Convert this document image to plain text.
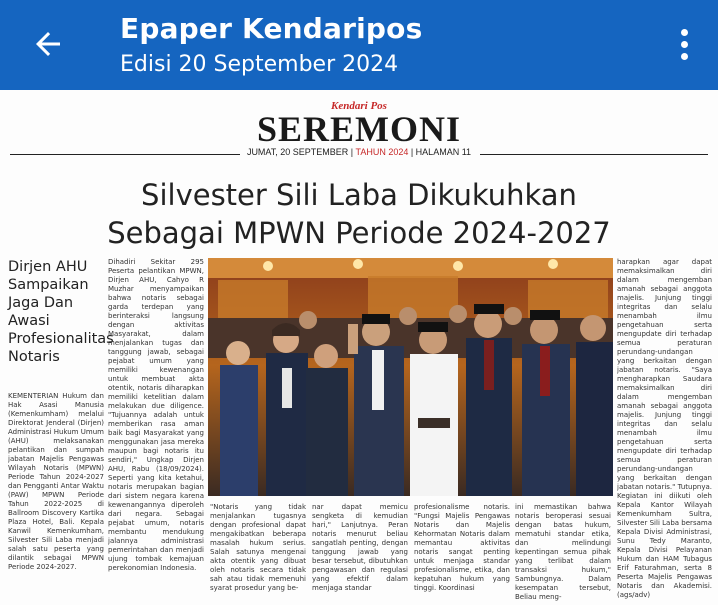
Epaper Kendaripos
Edisi 20 September 2024
Kendari Pos
SEREMONI
JUMAT, 20 SEPTEMBER | TAHUN 2024 | HALAMAN 11
Silvester Sili Laba Dikukuhkan
Sebagai MPWN Periode 2024-2027
Dirjen AHU Sampaikan Jaga Dan Awasi Profesionalitas Notaris
KEMENTERIAN Hukum dan Hak Asasi Manusia (Kemenkumham) melalui Direktorat Jenderal (Dirjen) Administrasi Hukum Umum (AHU) melaksanakan pelantikan dan sumpah jabatan Majelis Pengawas Wilayah Notaris (MPWN) Periode Tahun 2024-2027 dan Pengganti Antar Waktu (PAW) MPWN Periode Tahun 2022-2025 di Ballroom Discovery Kartika Plaza Hotel, Bali. Kepala Kanwil Kemenkumham, Silvester Sili Laba menjadi salah satu peserta yang dilantik sebagai MPWN Periode 2024-2027.
Dihadiri Sekitar 295 Peserta pelantikan MPWN, Dirjen AHU, Cahyo R Muzhar menyampaikan bahwa notaris sebagai garda terdepan yang berinteraksi langsung dengan aktivitas Masyarakat, dalam menjalankan tugas dan tanggung jawab, sebagai pejabat umum yang memiliki kewenangan untuk membuat akta otentik, notaris diharapkan memiliki ketelitian dalam melakukan due diligence. "Tujuannya adalah untuk memberikan rasa aman baik bagi Masyarakat yang menggunakan jasa mereka maupun bagi notaris itu sendiri," Ungkap Dirjen AHU, Rabu (18/09/2024). Seperti yang kita ketahui, notaris merupakan bagian dari sistem negara karena kewenangannya diperoleh dari negara. Sebagai pejabat umum, notaris membantu mendukung jalannya administrasi pemerintahan dan menjadi ujung tombak kemajuan perekonomian Indonesia.
"Notaris yang tidak menjalankan tugasnya dengan profesional dapat mengakibatkan beberapa masalah hukum serius. Salah satunya mengenai akta otentik yang dibuat oleh notaris secara tidak sah atau tidak memenuhi syarat prosedur yang be-
nar dapat memicu sengketa di kemudian hari," Lanjutnya. Peran notaris menurut beliau sangatlah penting, dengan tanggung jawab yang besar tersebut, dibutuhkan pengawasan dan regulasi yang efektif dalam menjaga standar
profesionalisme notaris. "Fungsi Majelis Pengawas Notaris dan Majelis Kehormatan Notaris dalam memantau aktivitas notaris sangat penting untuk menjaga standar profesionalisme, etika, dan kepatuhan hukum yang tinggi. Koordinasi
ini memastikan bahwa notaris beroperasi sesuai dengan batas hukum, mematuhi standar etika, dan melindungi kepentingan semua pihak yang terlibat dalam transaksi hukum," Sambungnya. Dalam kesempatan tersebut, Beliau meng-
harapkan agar dapat memaksimalkan diri dalam mengemban amanah sebagai anggota majelis. Junjung tinggi integritas dan selalu menambah ilmu pengetahuan serta mengupdate diri terhadap semua peraturan perundang-undangan yang berkaitan dengan jabatan notaris. "Saya mengharapkan Saudara memaksimalkan diri dalam mengemban amanah sebagai anggota majelis. Junjung tinggi integritas dan selalu menambah ilmu pengetahuan serta mengupdate diri terhadap semua peraturan perundang-undangan yang berkaitan dengan jabatan notaris." Tutupnya. Kegiatan ini diikuti oleh Kepala Kantor Wilayah Kemenkumham Sultra, Silvester Sili Laba bersama Kepala Divisi Administrasi, Sunu Tedy Maranto, Kepala Divisi Pelayanan Hukum dan HAM Tubagus Erif Faturahman, serta 8 Peserta Majelis Pengawas Notaris dan Akademisi. (ags/adv)
